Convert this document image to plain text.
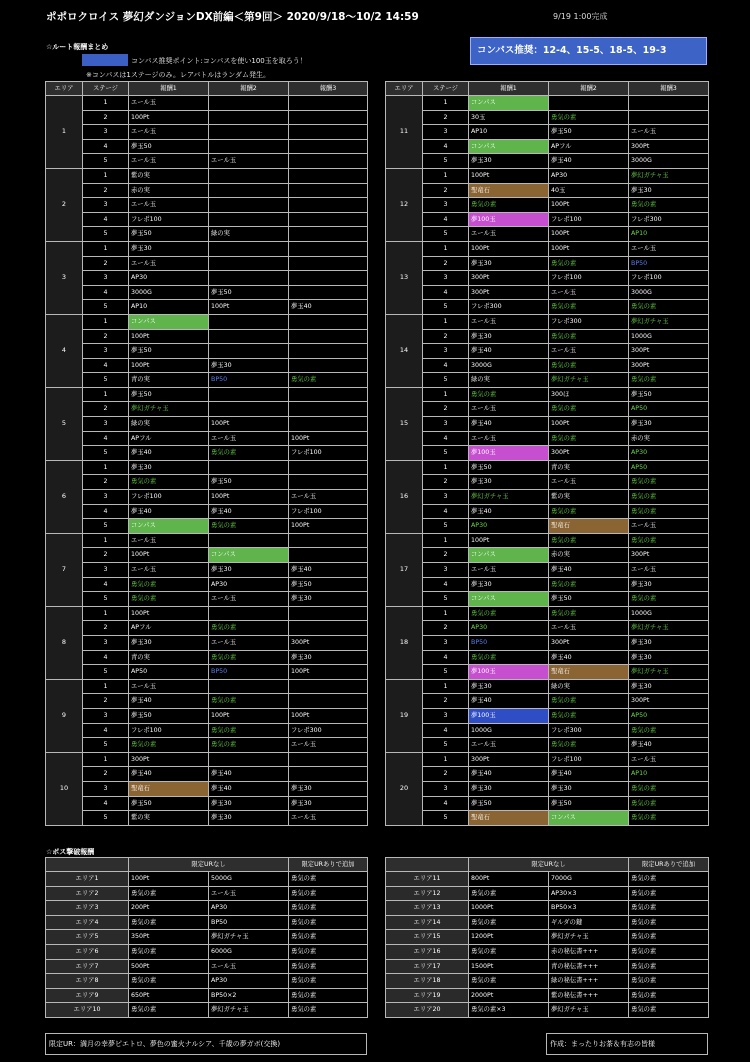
ポポロクロイス 夢幻ダンジョンDX前編＜第9回＞ 2020/9/18〜10/2 14:59	9/19 1:00完成
☆ルート報酬まとめ
コンパス推奨ポイント:コンパスを使い100玉を取ろう！
※コンパスは1ステージのみ。レアバトルはランダム発生。
コンパス推奨：12-4、15-5、18-5、19-3
エリア	ステージ	報酬1	報酬2	報酬3
1	1	エール玉		
	2	100Pt		
	3	エール玉		
	4	夢玉50		
	5	エール玉	エール玉	
2	1	紫の実		
	2	赤の実		
	3	エール玉		
	4	フレポ100		
	5	夢玉50	緑の実	
3	1	夢玉30		
	2	エール玉		
	3	AP30		
	4	3000G	夢玉50	
	5	AP10	100Pt	夢玉40
4	1	コンパス		
	2	100Pt		
	3	夢玉50		
	4	100Pt	夢玉30	
	5	青の実	BP50	勇気の素
5	1	夢玉50		
	2	夢幻ガチャ玉		
	3	緑の実	100Pt	
	4	APフル	エール玉	100Pt
	5	夢玉40	勇気の素	フレポ100
6	1	夢玉30		
	2	勇気の素	夢玉50	
	3	フレポ100	100Pt	エール玉
	4	夢玉40	夢玉40	フレポ100
	5	コンパス	勇気の素	100Pt
7	1	エール玉		
	2	100Pt	コンパス	
	3	エール玉	夢玉30	夢玉40
	4	勇気の素	AP30	夢玉50
	5	勇気の素	エール玉	夢玉30
8	1	100Pt		
	2	APフル	勇気の素	
	3	夢玉30	エール玉	300Pt
	4	青の実	勇気の素	夢玉30
	5	AP50	BP50	100Pt
9	1	エール玉		
	2	夢玉40	勇気の素	
	3	夢玉50	100Pt	100Pt
	4	フレポ100	勇気の素	フレポ300
	5	勇気の素	勇気の素	エール玉
10	1	300Pt		
	2	夢玉40	夢玉40	
	3	聖竜石	夢玉40	夢玉30
	4	夢玉50	夢玉30	夢玉30
	5	紫の実	夢玉30	エール玉
エリア	ステージ	報酬1	報酬2	報酬3
11	1	コンパス		
	2	30玉	勇気の素	
	3	AP10	夢玉50	エール玉
	4	コンパス	APフル	300Pt
	5	夢玉30	夢玉40	3000G
12	1	100Pt	AP30	夢幻ガチャ玉
	2	聖竜石	40玉	夢玉30
	3	勇気の素	100Pt	勇気の素
	4	夢100玉	フレポ100	フレポ300
	5	エール玉	100Pt	AP10
13	1	100Pt	100Pt	エール玉
	2	夢玉30	勇気の素	BP50
	3	300Pt	フレポ100	フレポ100
	4	300Pt	エール玉	3000G
	5	フレポ300	勇気の素	勇気の素
14	1	エール玉	フレポ300	夢幻ガチャ玉
	2	夢玉30	勇気の素	1000G
	3	夢玉40	エール玉	300Pt
	4	3000G	勇気の素	300Pt
	5	緑の実	夢幻ガチャ玉	勇気の素
15	1	勇気の素	300ほ	夢玉50
	2	エール玉	勇気の素	AP50
	3	夢玉40	100Pt	夢玉30
	4	エール玉	勇気の素	赤の実
	5	夢100玉	300Pt	AP30
16	1	夢玉50	青の実	AP50
	2	夢玉30	エール玉	勇気の素
	3	夢幻ガチャ玉	紫の実	勇気の素
	4	夢玉40	勇気の素	勇気の素
	5	AP30	聖竜石	エール玉
17	1	100Pt	勇気の素	勇気の素
	2	コンパス	赤の実	300Pt
	3	エール玉	夢玉40	エール玉
	4	夢玉30	勇気の素	夢玉30
	5	コンパス	夢玉50	勇気の素
18	1	勇気の素	勇気の素	1000G
	2	AP30	エール玉	夢幻ガチャ玉
	3	BP50	300Pt	夢玉30
	4	勇気の素	夢玉40	夢玉30
	5	夢100玉	聖竜石	夢幻ガチャ玉
19	1	夢玉30	緑の実	夢玉30
	2	夢玉40	勇気の素	300Pt
	3	夢100玉	勇気の素	AP50
	4	1000G	フレポ300	勇気の素
	5	エール玉	勇気の素	夢玉40
20	1	300Pt	フレポ100	エール玉
	2	夢玉40	夢玉40	AP10
	3	夢玉30	夢玉30	勇気の素
	4	夢玉50	夢玉50	勇気の素
	5	聖竜石	コンパス	勇気の素
☆ボス撃破報酬
	限定URなし		限定URありで追加
エリア1	100Pt	5000G	勇気の素
エリア2	勇気の素	エール玉	勇気の素
エリア3	200Pt	AP30	勇気の素
エリア4	勇気の素	BP50	勇気の素
エリア5	350Pt	夢幻ガチャ玉	勇気の素
エリア6	勇気の素	6000G	勇気の素
エリア7	500Pt	エール玉	勇気の素
エリア8	勇気の素	AP30	勇気の素
エリア9	650Pt	BP50×2	勇気の素
エリア10	勇気の素	夢幻ガチャ玉	勇気の素
	限定URなし		限定URありで追加
エリア11	800Pt	7000G	勇気の素
エリア12	勇気の素	AP30×3	勇気の素
エリア13	1000Pt	BP50×3	勇気の素
エリア14	勇気の素	ギルダの鍵	勇気の素
エリア15	1200Pt	夢幻ガチャ玉	勇気の素
エリア16	勇気の素	赤の秘伝書+++	勇気の素
エリア17	1500Pt	青の秘伝書+++	勇気の素
エリア18	勇気の素	緑の秘伝書+++	勇気の素
エリア19	2000Pt	紫の秘伝書+++	勇気の素
エリア20	勇気の素×3	夢幻ガチャ玉	勇気の素
限定UR：満月の幸夢ピエトロ、夢色の蜜火ナルシア、千歳の夢ガボ(交換)	作成：まったりお茶＆有志の皆様
